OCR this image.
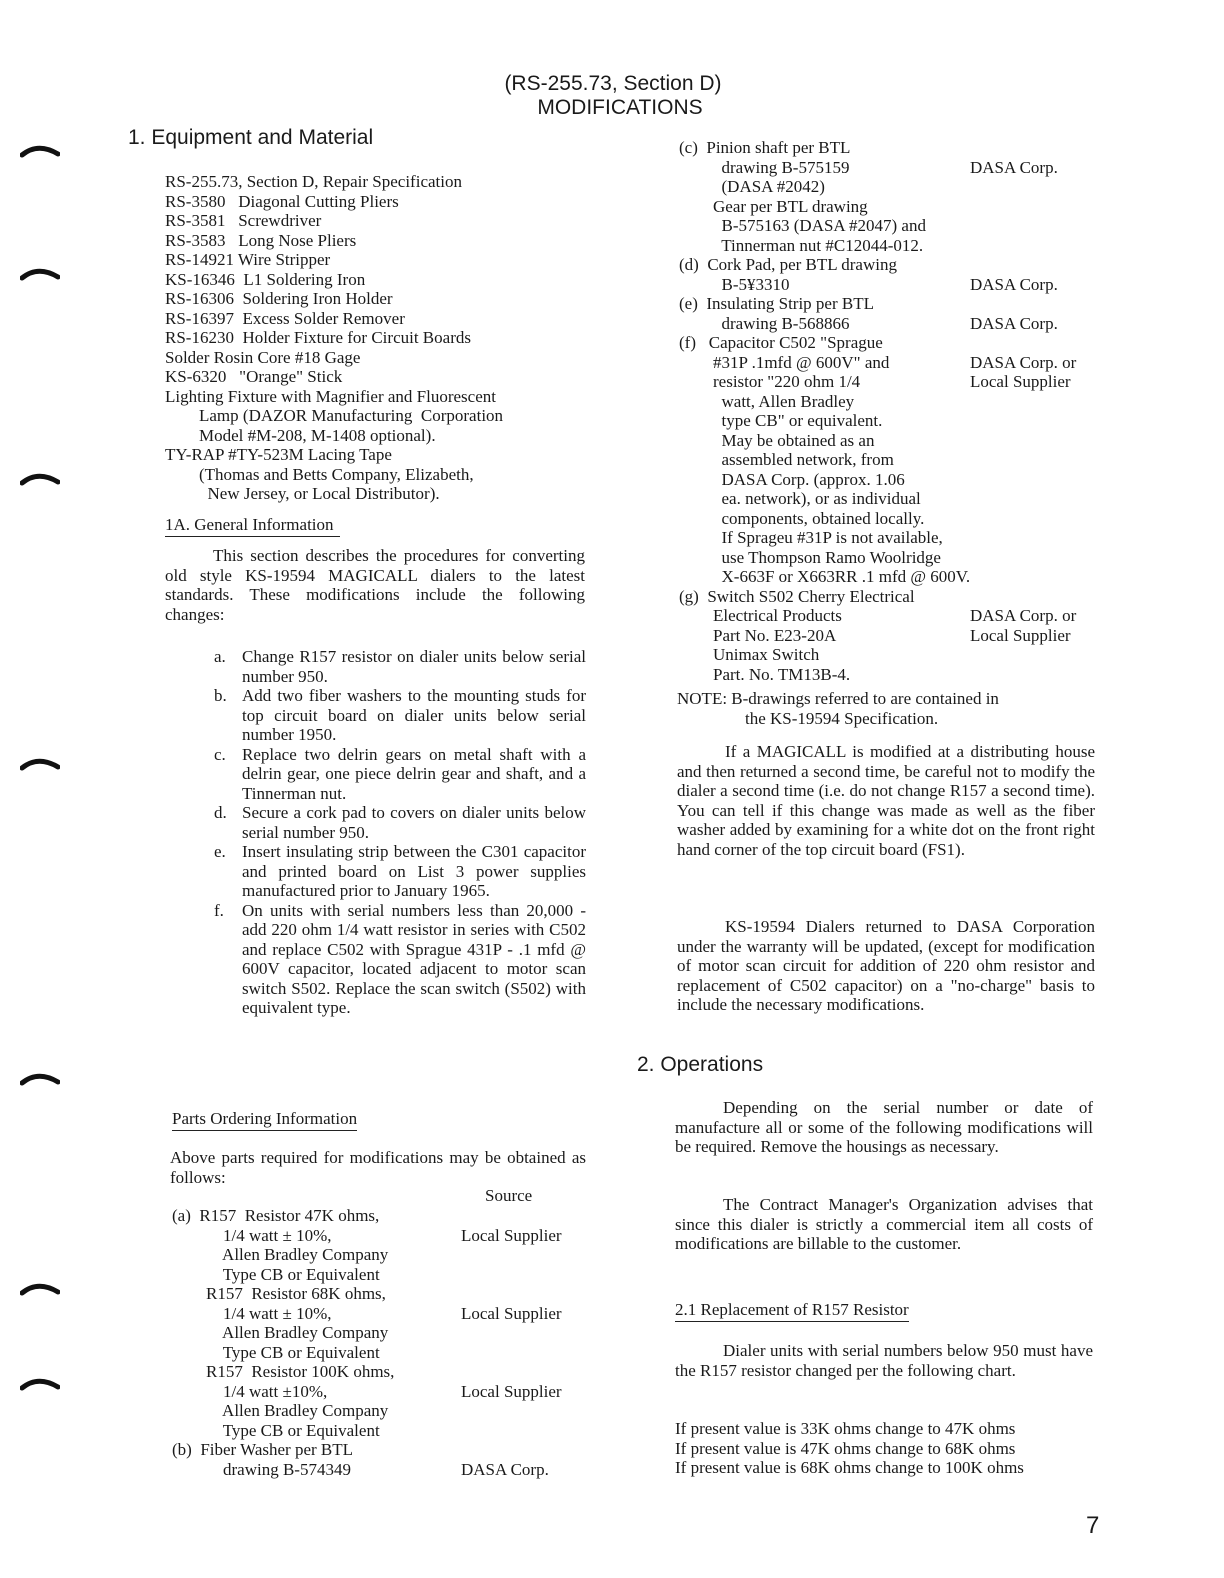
(RS-255.73, Section D)
MODIFICATIONS
1. Equipment and Material
RS-255.73, Section D, Repair Specification
RS-3580   Diagonal Cutting Pliers
RS-3581   Screwdriver
RS-3583   Long Nose Pliers
RS-14921 Wire Stripper
KS-16346  L1 Soldering Iron
RS-16306  Soldering Iron Holder
RS-16397  Excess Solder Remover
RS-16230  Holder Fixture for Circuit Boards
Solder Rosin Core #18 Gage
KS-6320   "Orange" Stick
Lighting Fixture with Magnifier and Fluorescent
Lamp (DAZOR Manufacturing  Corporation
Model #M-208, M-1408 optional).
TY-RAP #TY-523M Lacing Tape
(Thomas and Betts Company, Elizabeth,
New Jersey, or Local Distributor).
1A. General Information
This section describes the procedures for converting old style KS-19594 MAGICALL dialers to the latest standards. These modifications include the following changes:
a. Change R157 resistor on dialer units below serial number 950.
b. Add two fiber washers to the mounting studs for top circuit board on dialer units below serial number 1950.
c. Replace two delrin gears on metal shaft with a delrin gear, one piece delrin gear and shaft, and a Tinnerman nut.
d. Secure a cork pad to covers on dialer units below serial number 950.
e. Insert insulating strip between the C301 capacitor and printed board on List 3 power supplies manufactured prior to January 1965.
f.	On units with serial numbers less than 20,000 - add 220 ohm 1/4 watt resistor in series with C502 and replace C502 with Sprague 431P - .1 mfd @ 600V capacitor, located adjacent to motor scan switch S502. Replace the scan switch (S502) with equivalent type.
Parts Ordering Information
Above parts required for modifications may be obtained as follows:
Source
(a)  R157  Resistor 47K ohms,
1/4 watt ± 10%,	Local Supplier
Allen Bradley Company
Type CB or Equivalent
R157  Resistor 68K ohms,
1/4 watt ± 10%,	Local Supplier
Allen Bradley Company
Type CB or Equivalent
R157  Resistor 100K ohms,
1/4 watt ±10%,	Local Supplier
Allen Bradley Company
Type CB or Equivalent
(b)  Fiber Washer per BTL
drawing B-574349	DASA Corp.
(c)  Pinion shaft per BTL
drawing B-575159	DASA Corp.
(DASA #2042)
Gear per BTL drawing
B-575163 (DASA #2047) and
Tinnerman nut #C12044-012.
(d)  Cork Pad, per BTL drawing
B-5¥3310	DASA Corp.
(e)  Insulating Strip per BTL
drawing B-568866	DASA Corp.
(f)   Capacitor C502 "Sprague
#31P .1mfd @ 600V" and	DASA Corp. or
resistor "220 ohm 1/4	Local Supplier
watt, Allen Bradley
type CB" or equivalent.
May be obtained as an
assembled network, from
DASA Corp. (approx. 1.06
ea. network), or as individual
components, obtained locally.
If Sprageu #31P is not available,
use Thompson Ramo Woolridge
X-663F or X663RR .1 mfd @ 600V.
(g)  Switch S502 Cherry Electrical
Electrical Products	DASA Corp. or
Part No. E23-20A	Local Supplier
Unimax Switch
Part. No. TM13B-4.
NOTE: B-drawings referred to are contained in
the KS-19594 Specification.
If a MAGICALL is modified at a distributing house and then returned a second time, be careful not to modify the dialer a second time (i.e. do not change R157 a second time). You can tell if this change was made as well as the fiber washer added by examining for a white dot on the front right hand corner of the top circuit board (FS1).
KS-19594 Dialers returned to DASA Corporation under the warranty will be updated, (except for modification of motor scan circuit for addition of 220 ohm resistor and replacement of C502 capacitor) on a "no-charge" basis to include the necessary modifications.
2. Operations
Depending on the serial number or date of manufacture all or some of the following modifications will be required. Remove the housings as necessary.
The Contract Manager's Organization advises that since this dialer is strictly a commercial item all costs of modifications are billable to the customer.
2.1 Replacement of R157 Resistor
Dialer units with serial numbers below 950 must have the R157 resistor changed per the following chart.
If present value is 33K ohms change to 47K ohms
If present value is 47K ohms change to 68K ohms
If present value is 68K ohms change to 100K ohms
7
